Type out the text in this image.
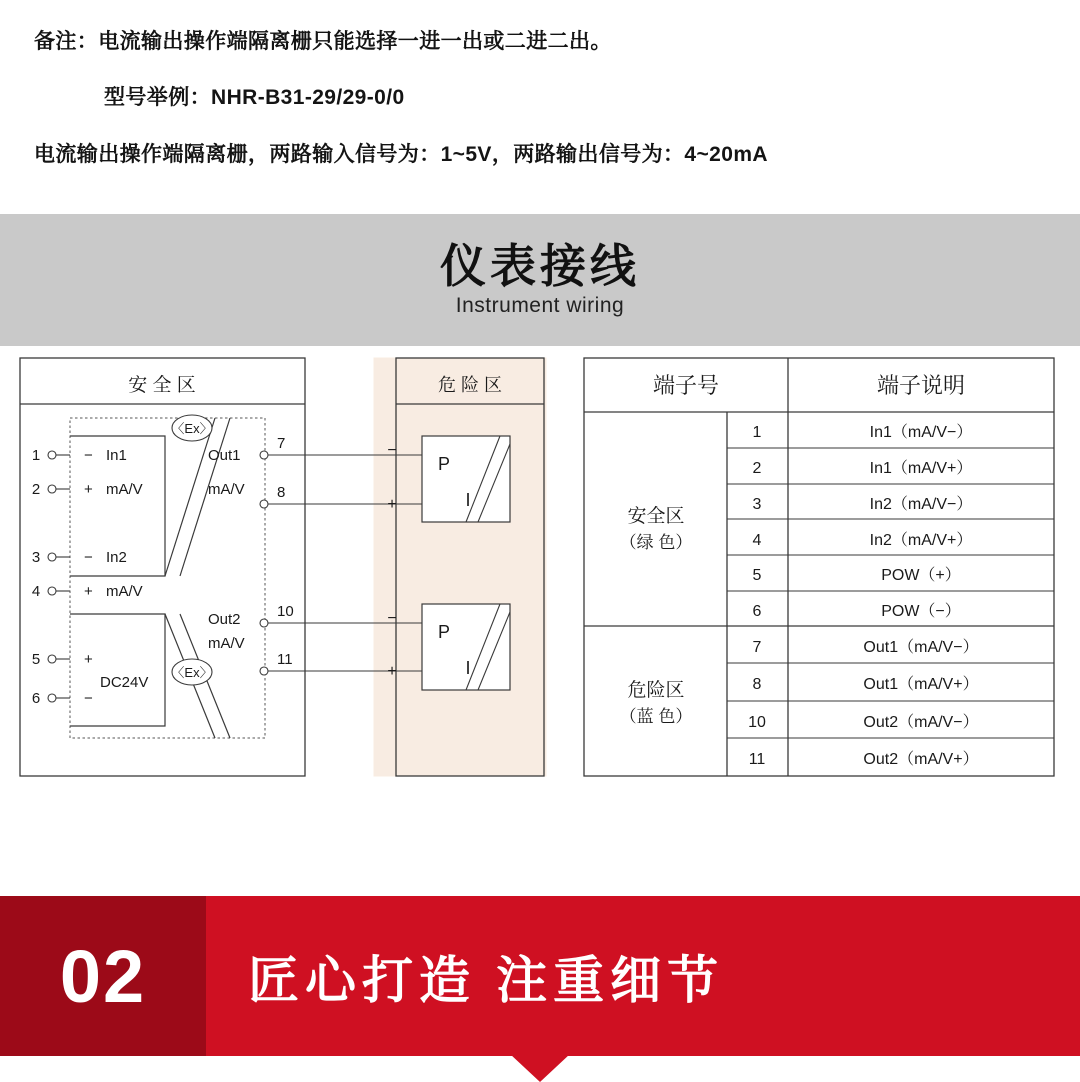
备注：电流输出操作端隔离栅只能选择一进一出或二进二出。

型号举例：NHR-B31-29/29-0/0

电流输出操作端隔离栅，两路输入信号为：1~5V，两路输出信号为：4~20mA

仪表接线
Instrument wiring
安 全 区	危 险 区
〈Ex〉
〈Ex〉
1	− In1
2	+ mA/V
3	− In2
4	+ mA/V
5	+
DC24V
6	−
Out1
mA/V
Out2
mA/V
7
8
10
11
−
+
−
+
P
I
P
I
端子号	端子说明
安全区
（绿 色）
危险区
（蓝 色）
1	In1（mA/V−）
2	In1（mA/V+）
3	In2（mA/V−）
4	In2（mA/V+）
5	POW（+）
6	POW（−）
7	Out1（mA/V−）
8	Out1（mA/V+）
10	Out2（mA/V−）
11	Out2（mA/V+）
02 匠心打造 注重细节
